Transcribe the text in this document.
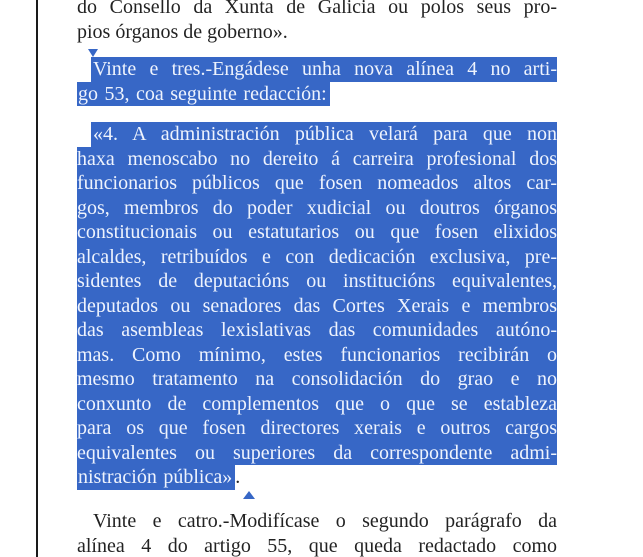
do Consello da Xunta de Galicia ou polos seus pro-
pios órganos de goberno».
Vinte e tres.-Engádese unha nova alínea 4 no arti-
go 53, coa seguinte redacción:
«4. A administración pública velará para que non
haxa menoscabo no dereito á carreira profesional dos
funcionarios públicos que fosen nomeados altos car-
gos, membros do poder xudicial ou doutros órganos
constitucionais ou estatutarios ou que fosen elixidos
alcaldes, retribuídos e con dedicación exclusiva, pre-
sidentes de deputacións ou institucións equivalentes,
deputados ou senadores das Cortes Xerais e membros
das asembleas lexislativas das comunidades autóno-
mas. Como mínimo, estes funcionarios recibirán o
mesmo tratamento na consolidación do grao e no
conxunto de complementos que o que se estableza
para os que fosen directores xerais e outros cargos
equivalentes ou superiores da correspondente admi-
nistración pública» .
Vinte e catro.-Modifícase o segundo parágrafo da
alínea 4 do artigo 55, que queda redactado como
